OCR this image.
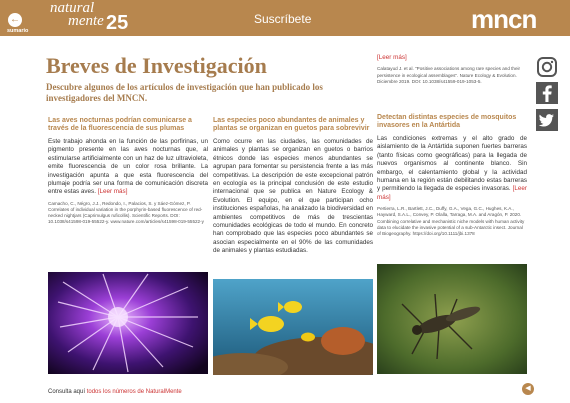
←
sumario
natural
mente 25	Suscríbete	mncn
Breves de Investigación
Descubre algunos de los artículos de investigación que han publicado los investigadores del MNCN.

Las aves nocturnas podrían comunicarse a través de la fluorescencia de sus plumas

Este trabajo ahonda en la función de las porfirinas, un pigmento presente en las aves nocturnas que, al estimularse artificialmente con un haz de luz ultravioleta, emite fluorescencia de un color rosa brillante. La investigación apunta a que esta fluorescencia del plumaje podría ser una forma de comunicación discreta entre estas aves. [Leer más]

Camacho, C., Négro, J.J., Redondo, I., Palacios, S. y Sáez-Gómez, P. Correlates of individual variation in the porphyrin-based fluorescence of red-necked nightjars (Caprimulgus ruficollis). Scientific Reports. DOI: 10.1038/s41598-019-55522-y. www.nature.com/articles/s41598-019-55522-y

Las especies poco abundantes de animales y plantas se organizan en guetos para sobrevivir

Como ocurre en las ciudades, las comunidades de animales y plantas se organizan en guetos o barrios étnicos donde las especies menos abundantes se agrupan para fomentar su persistencia frente a las más competitivas. La descripción de este excepcional patrón en ecología es la principal conclusión de este estudio internacional que se publica en Nature Ecology & Evolution. El equipo, en el que participan ocho instituciones españolas, ha analizado la biodiversidad en ambientes competitivos de más de trescientas comunidades ecológicas de todo el mundo. En concreto han comprobado que las especies poco abundantes se asocian especialmente en el 90% de las comunidades de animales y plantas estudiadas.

[Leer más]

Calatayud J. et al. "Positive associations among rare species and their persistence in ecological assemblages". Nature Ecology & Evolution. Diciembre 2019. DOI: 10.1038/s41559-019-1053-5.

Detectan distintas especies de mosquitos invasores en la Antártida

Las condiciones extremas y el alto grado de aislamiento de la Antártida suponen fuertes barreras (tanto físicas como geográficas) para la llegada de nuevos organismos al continente blanco. Sin embargo, el calentamiento global y la actividad humana en la región están debilitando estas barreras y permitiendo la llegada de especies invasoras. [Leer más]

Pertierra, L.R., Bartlett, J.C., Duffy, G.A., Vega, G.C., Hughes, K.A., Hayward, S.A.L., Convey, P. Olalla, Tarraga, M.A. and Aragón, P. 2020. Combining correlative and mechanistic niche models with human activity data to elucidate the invasive potential of a sub-Antarctic insect. Journal of Biogeography. https://doi.org/10.1111/jbi.1378

Consulta aquí todos los números de NaturalMente	◀
